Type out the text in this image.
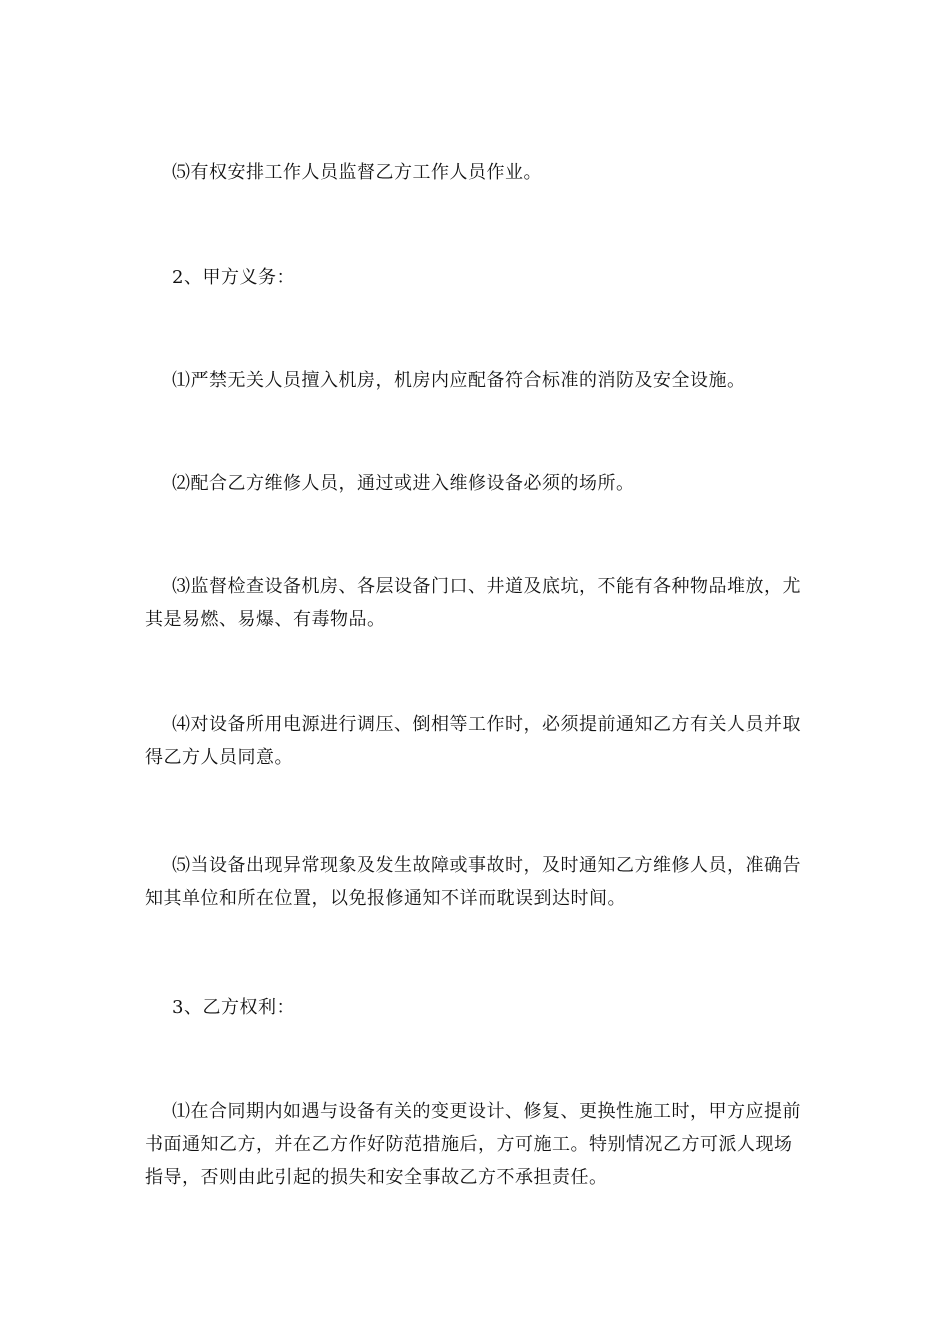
⑸有权安排工作人员监督乙方工作人员作业。

2、甲方义务：

⑴严禁无关人员擅入机房，机房内应配备符合标准的消防及安全设施。

⑵配合乙方维修人员，通过或进入维修设备必须的场所。

⑶监督检查设备机房、各层设备门口、井道及底坑，不能有各种物品堆放，尤其是易燃、易爆、有毒物品。

⑷对设备所用电源进行调压、倒相等工作时，必须提前通知乙方有关人员并取得乙方人员同意。

⑸当设备出现异常现象及发生故障或事故时，及时通知乙方维修人员，准确告知其单位和所在位置，以免报修通知不详而耽误到达时间。

3、乙方权利：

⑴在合同期内如遇与设备有关的变更设计、修复、更换性施工时，甲方应提前书面通知乙方，并在乙方作好防范措施后，方可施工。特别情况乙方可派人现场指导，否则由此引起的损失和安全事故乙方不承担责任。
